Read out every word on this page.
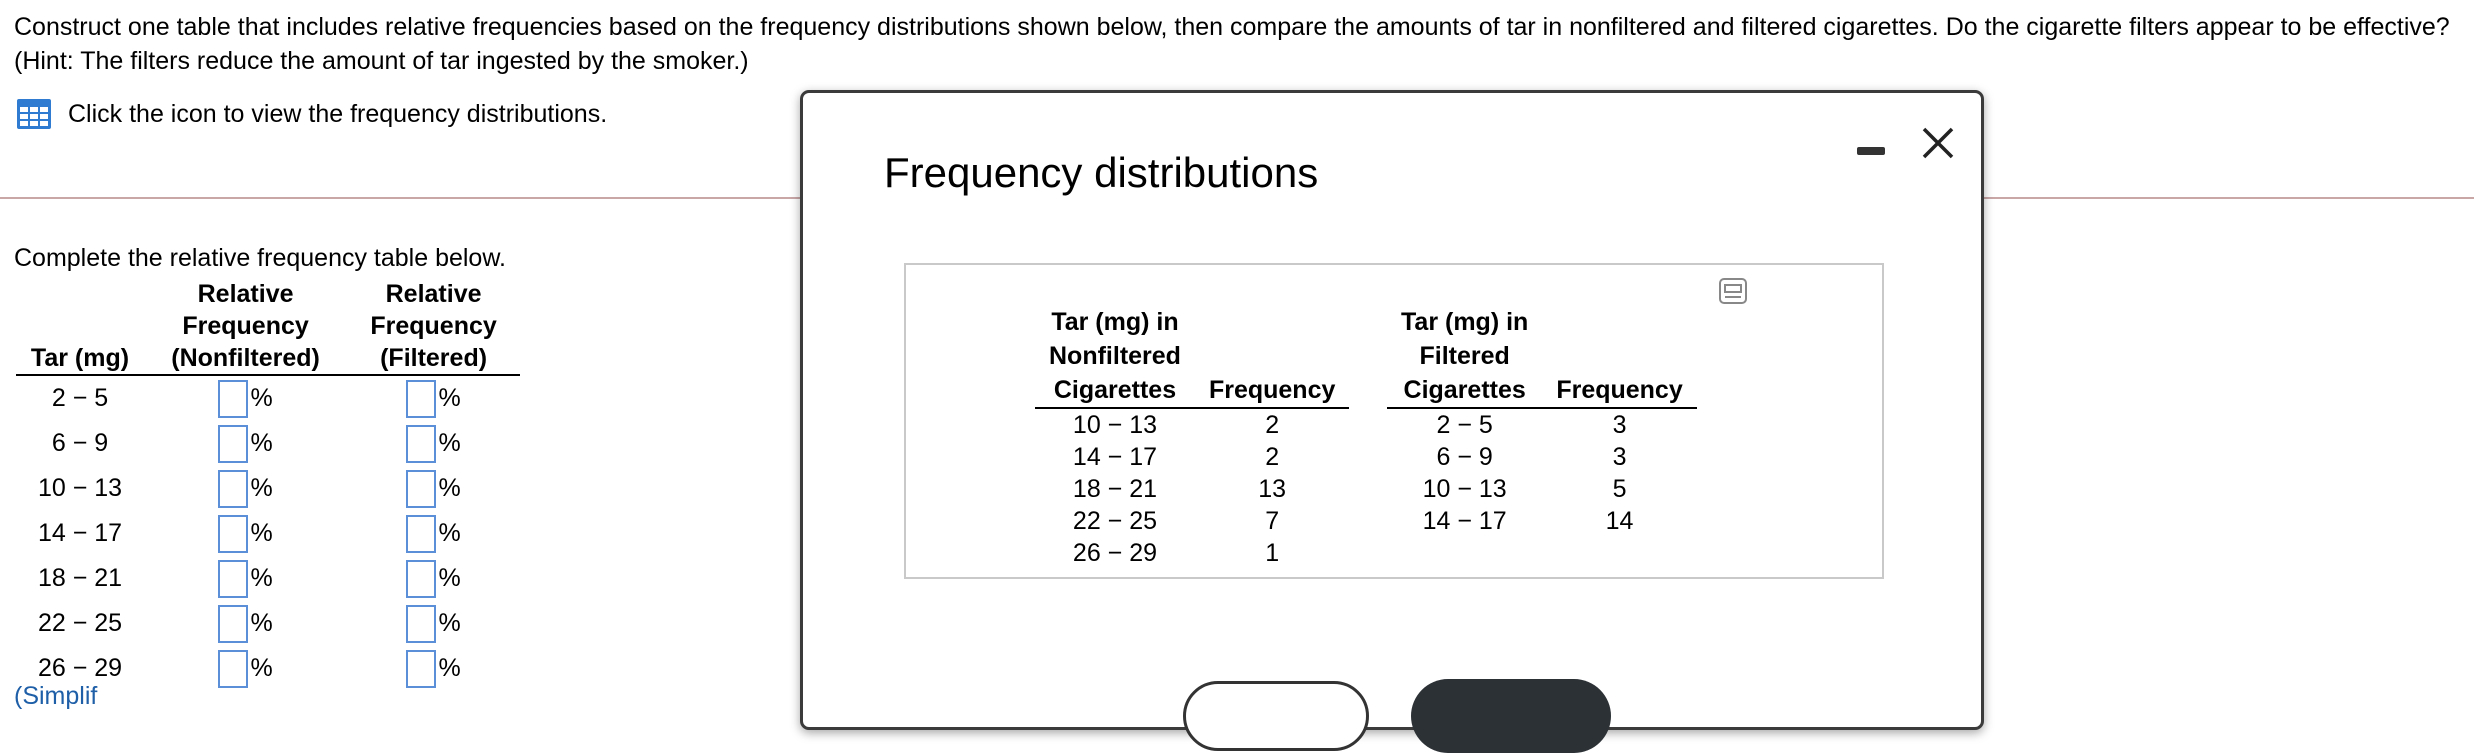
Construct one table that includes relative frequencies based on the frequency distributions shown below, then compare the amounts of tar in nonfiltered and filtered cigarettes. Do the cigarette filters appear to be effective? (Hint: The filters reduce the amount of tar ingested by the smoker.)
Click the icon to view the frequency distributions.
Complete the relative frequency table below.
	Relative	Relative
	Frequency	Frequency
Tar (mg)	(Nonfiltered)	(Filtered)
2 − 5	%	%

6 − 9	%	%

10 − 13	%	%

14 − 17	%	%

18 − 21	%	%

22 − 25	%	%

26 − 29	%	%
(Simplif
Frequency distributions
Tar (mg) in	
Nonfiltered	
Cigarettes	Frequency
10 − 13	2
14 − 17	2
18 − 21	13
22 − 25	7
26 − 29	1
Tar (mg) in	
Filtered	
Cigarettes	Frequency
2 − 5	3
6 − 9	3
10 − 13	5
14 − 17	14
